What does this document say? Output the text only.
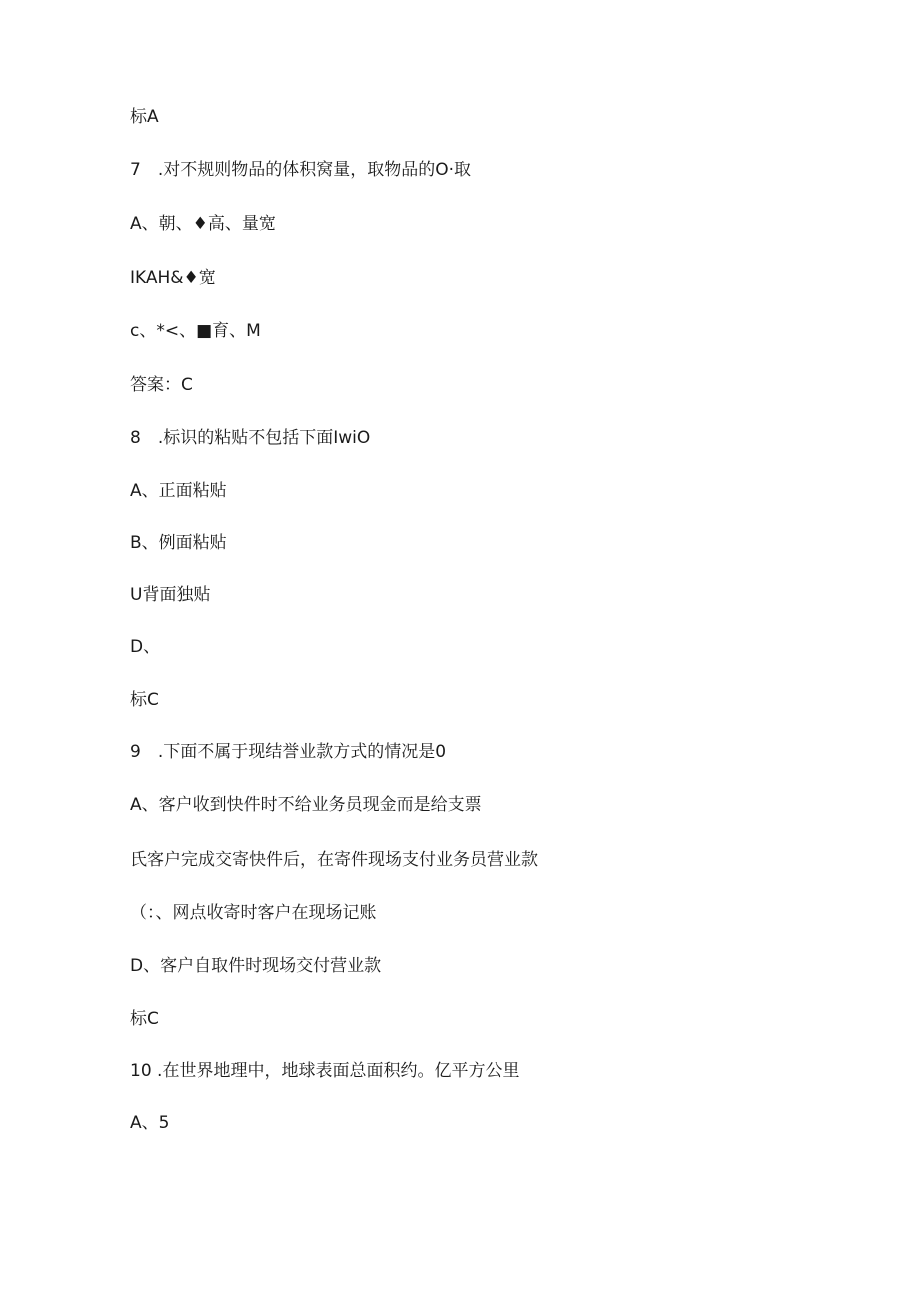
标A
7　.对不规则物品的体积窝量，取物品的O·取
A、朝、♦高、量宽
IKAH&♦宽
c、*<、■育、M
答案：C
8　.标识的粘贴不包括下面IwiO
A、正面粘贴
B、例面粘贴
U背面独贴
D、
标C
9　.下面不属于现结誉业款方式的情况是0
A、客户收到快件时不给业务员现金而是给支票
氏客户完成交寄快件后，在寄件现场支付业务员营业款
（：、网点收寄时客户在现场记账
D、客户自取件时现场交付营业款
标C
10 .在世界地理中，地球表面总面积约。亿平方公里
A、5
